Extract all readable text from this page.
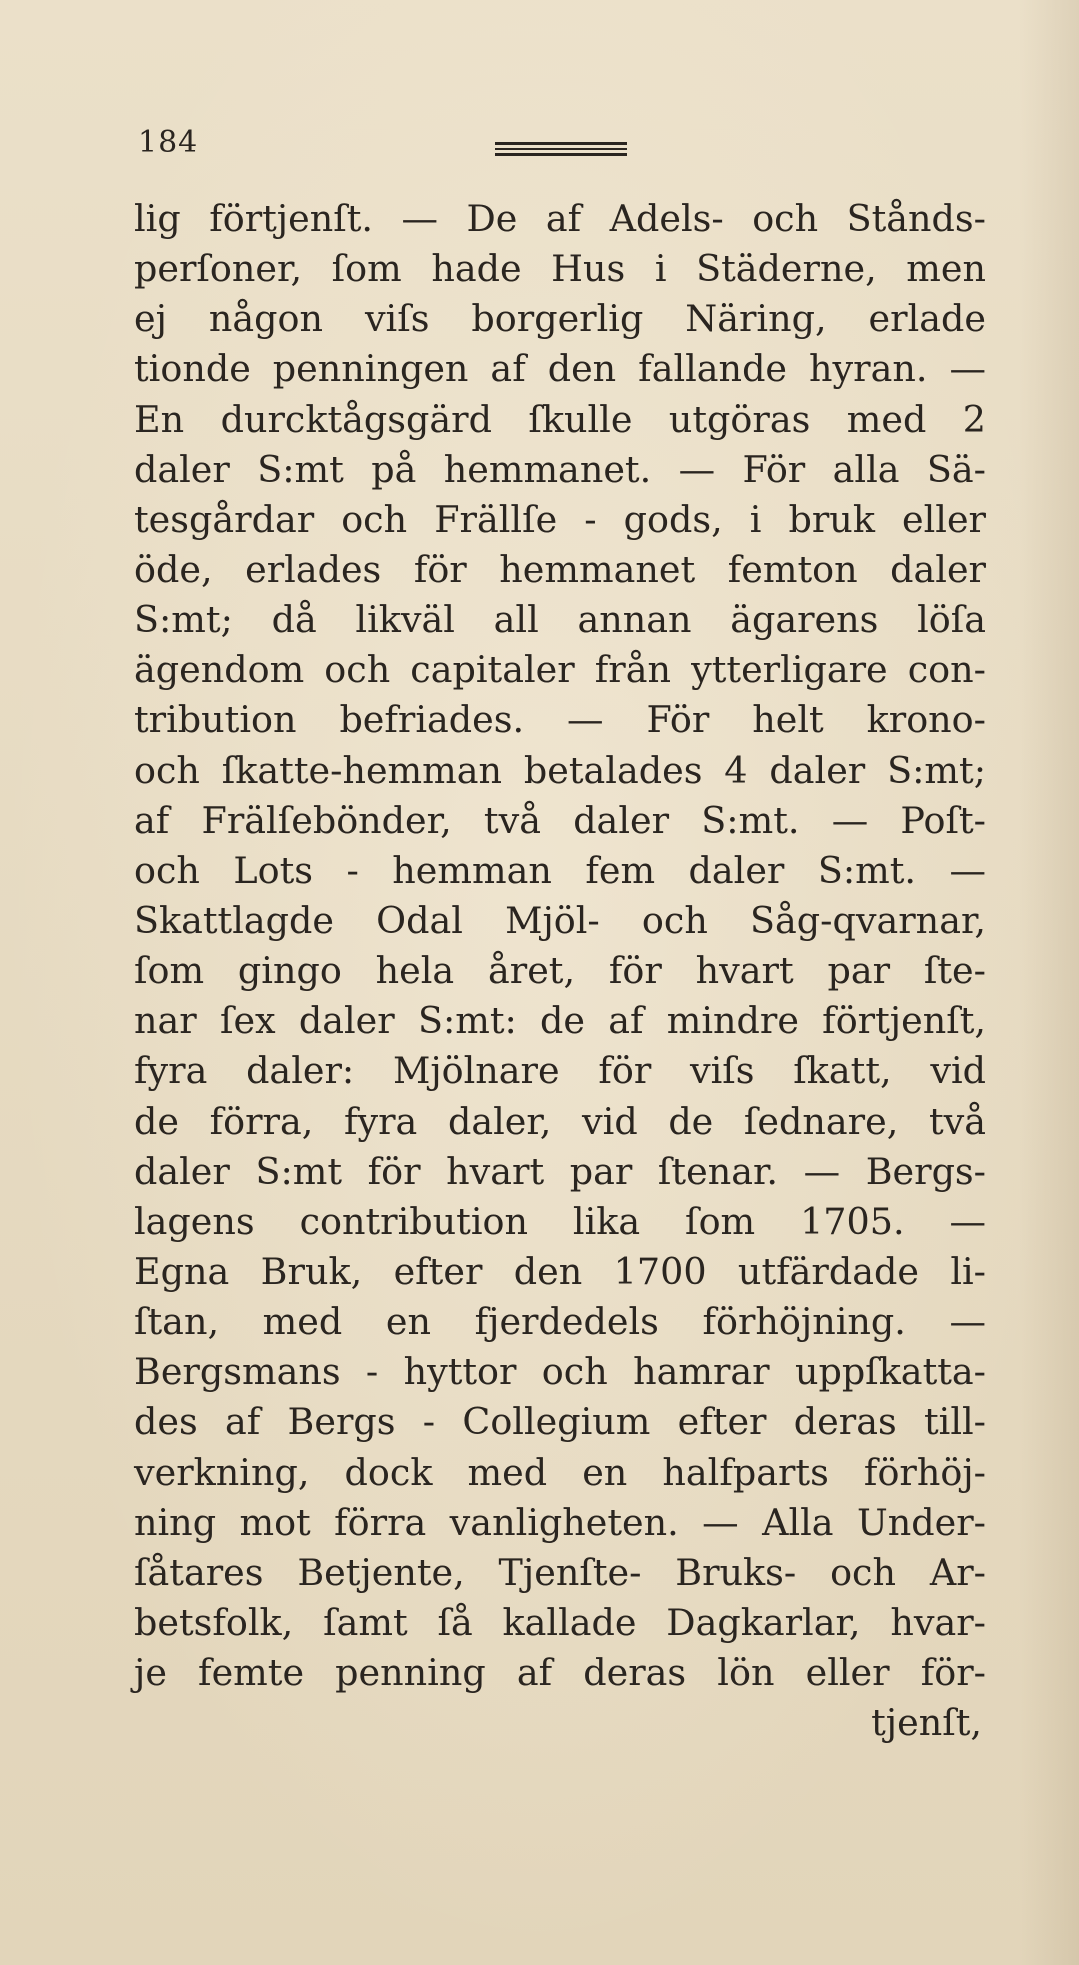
184
lig förtjenſt. — De af Adels- och Stånds-
perſoner, ſom hade Hus i Städerne, men
ej någon viſs borgerlig Näring, erlade
tionde penningen af den fallande hyran. —
En durcktågsgärd ſkulle utgöras med 2
daler S:mt på hemmanet. — För alla Sä-
tesgårdar och Frällſe - gods, i bruk eller
öde, erlades för hemmanet femton daler
S:mt; då likväl all annan ägarens löſa
ägendom och capitaler från ytterligare con-
tribution befriades. — För helt krono-
och ſkatte-hemman betalades 4 daler S:mt;
af Frälſebönder, två daler S:mt. — Poſt-
och Lots - hemman fem daler S:mt. —
Skattlagde Odal Mjöl- och Såg-qvarnar,
ſom gingo hela året, för hvart par ſte-
nar ſex daler S:mt: de af mindre förtjenſt,
fyra daler: Mjölnare för viſs ſkatt, vid
de förra, fyra daler, vid de ſednare, två
daler S:mt för hvart par ſtenar. — Bergs-
lagens contribution lika ſom 1705. —
Egna Bruk, efter den 1700 utfärdade li-
ſtan, med en fjerdedels förhöjning. —
Bergsmans - hyttor och hamrar uppſkatta-
des af Bergs - Collegium efter deras till-
verkning, dock med en halfparts förhöj-
ning mot förra vanligheten. — Alla Under-
ſåtares Betjente, Tjenſte- Bruks- och Ar-
betsfolk, ſamt ſå kallade Dagkarlar, hvar-
je femte penning af deras lön eller för-
tjenſt,
